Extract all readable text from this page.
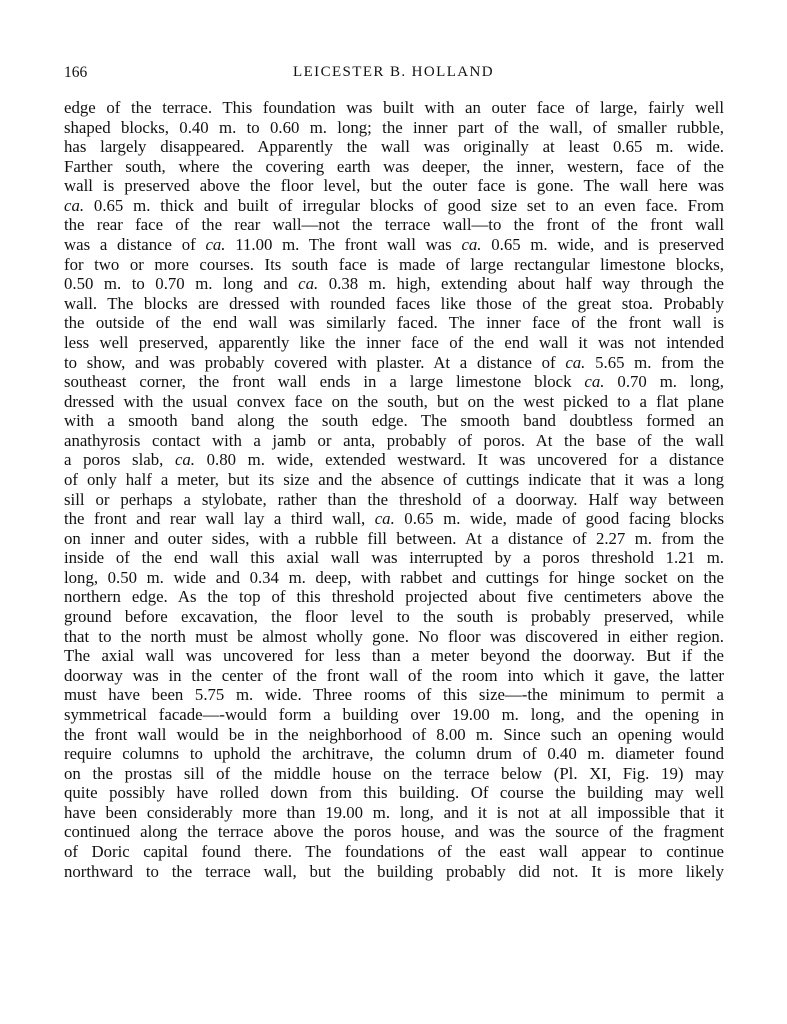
166	LEICESTER B. HOLLAND
edge of the terrace. This foundation was built with an outer face of large, fairly well
shaped blocks, 0.40 m. to 0.60 m. long; the inner part of the wall, of smaller rubble,
has largely disappeared. Apparently the wall was originally at least 0.65 m. wide.
Farther south, where the covering earth was deeper, the inner, western, face of the
wall is preserved above the floor level, but the outer face is gone. The wall here was
ca. 0.65 m. thick and built of irregular blocks of good size set to an even face. From
the rear face of the rear wall—not the terrace wall—to the front of the front wall
was a distance of ca. 11.00 m. The front wall was ca. 0.65 m. wide, and is preserved
for two or more courses. Its south face is made of large rectangular limestone blocks,
0.50 m. to 0.70 m. long and ca. 0.38 m. high, extending about half way through the
wall. The blocks are dressed with rounded faces like those of the great stoa. Probably
the outside of the end wall was similarly faced. The inner face of the front wall is
less well preserved, apparently like the inner face of the end wall it was not intended
to show, and was probably covered with plaster. At a distance of ca. 5.65 m. from the
southeast corner, the front wall ends in a large limestone block ca. 0.70 m. long,
dressed with the usual convex face on the south, but on the west picked to a flat plane
with a smooth band along the south edge. The smooth band doubtless formed an
anathyrosis contact with a jamb or anta, probably of poros. At the base of the wall
a poros slab, ca. 0.80 m. wide, extended westward. It was uncovered for a distance
of only half a meter, but its size and the absence of cuttings indicate that it was a long
sill or perhaps a stylobate, rather than the threshold of a doorway. Half way between
the front and rear wall lay a third wall, ca. 0.65 m. wide, made of good facing blocks
on inner and outer sides, with a rubble fill between. At a distance of 2.27 m. from the
inside of the end wall this axial wall was interrupted by a poros threshold 1.21 m.
long, 0.50 m. wide and 0.34 m. deep, with rabbet and cuttings for hinge socket on the
northern edge. As the top of this threshold projected about five centimeters above the
ground before excavation, the floor level to the south is probably preserved, while
that to the north must be almost wholly gone. No floor was discovered in either region.
The axial wall was uncovered for less than a meter beyond the doorway. But if the
doorway was in the center of the front wall of the room into which it gave, the latter
must have been 5.75 m. wide. Three rooms of this size—-the minimum to permit a
symmetrical facade—-would form a building over 19.00 m. long, and the opening in
the front wall would be in the neighborhood of 8.00 m. Since such an opening would
require columns to uphold the architrave, the column drum of 0.40 m. diameter found
on the prostas sill of the middle house on the terrace below (Pl. XI, Fig. 19) may
quite possibly have rolled down from this building. Of course the building may well
have been considerably more than 19.00 m. long, and it is not at all impossible that it
continued along the terrace above the poros house, and was the source of the fragment
of Doric capital found there. The foundations of the east wall appear to continue
northward to the terrace wall, but the building probably did not. It is more likely
